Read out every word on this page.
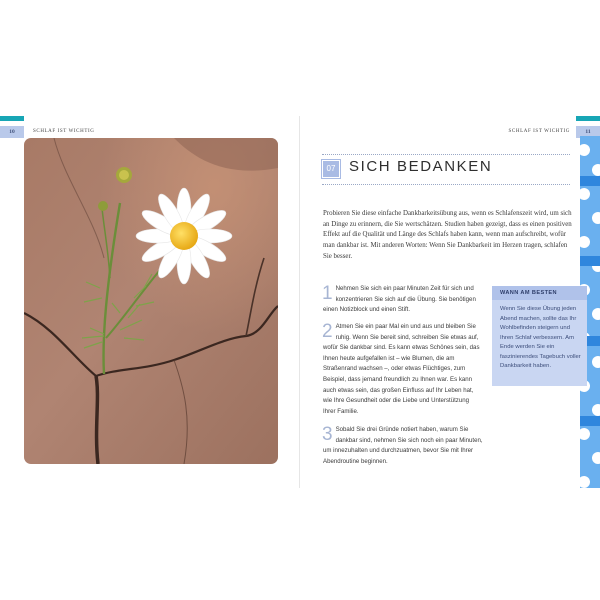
10	SCHLAF IST WICHTIG	11
SCHLAF IST WICHTIG
07 SICH BEDANKEN

Probieren Sie diese einfache Dankbarkeitsübung aus, wenn es Schlafenszeit wird, um sich an Dinge zu erinnern, die Sie wertschätzen. Studien haben gezeigt, dass es einen positiven Effekt auf die Qualität und Länge des Schlafs haben kann, wenn man aufschreibt, wofür man dankbar ist. Mit anderen Worten: Wenn Sie Dankbarkeit im Herzen tragen, schlafen Sie besser.

1 Nehmen Sie sich ein paar Minuten Zeit für sich und konzentrieren Sie sich auf die Übung. Sie benötigen einen Notizblock und einen Stift.

2 Atmen Sie ein paar Mal ein und aus und bleiben Sie ruhig. Wenn Sie bereit sind, schreiben Sie etwas auf, wofür Sie dankbar sind. Es kann etwas Schönes sein, das Ihnen heute aufgefallen ist – wie Blumen, die am Straßenrand wachsen –, oder etwas Flüchtiges, zum Beispiel, dass jemand freundlich zu Ihnen war. Es kann auch etwas sein, das großen Einfluss auf Ihr Leben hat, wie Ihre Gesundheit oder die Liebe und Unterstützung Ihrer Familie.

3 Sobald Sie drei Gründe notiert haben, warum Sie dankbar sind, nehmen Sie sich noch ein paar Minuten, um innezuhalten und durchzuatmen, bevor Sie mit Ihrer Abendroutine beginnen.

WANN AM BESTEN

Wenn Sie diese Übung jeden Abend machen, sollte das Ihr Wohlbefinden steigern und Ihren Schlaf verbessern. Am Ende werden Sie ein faszinierendes Tagebuch voller Dankbarkeit haben.
